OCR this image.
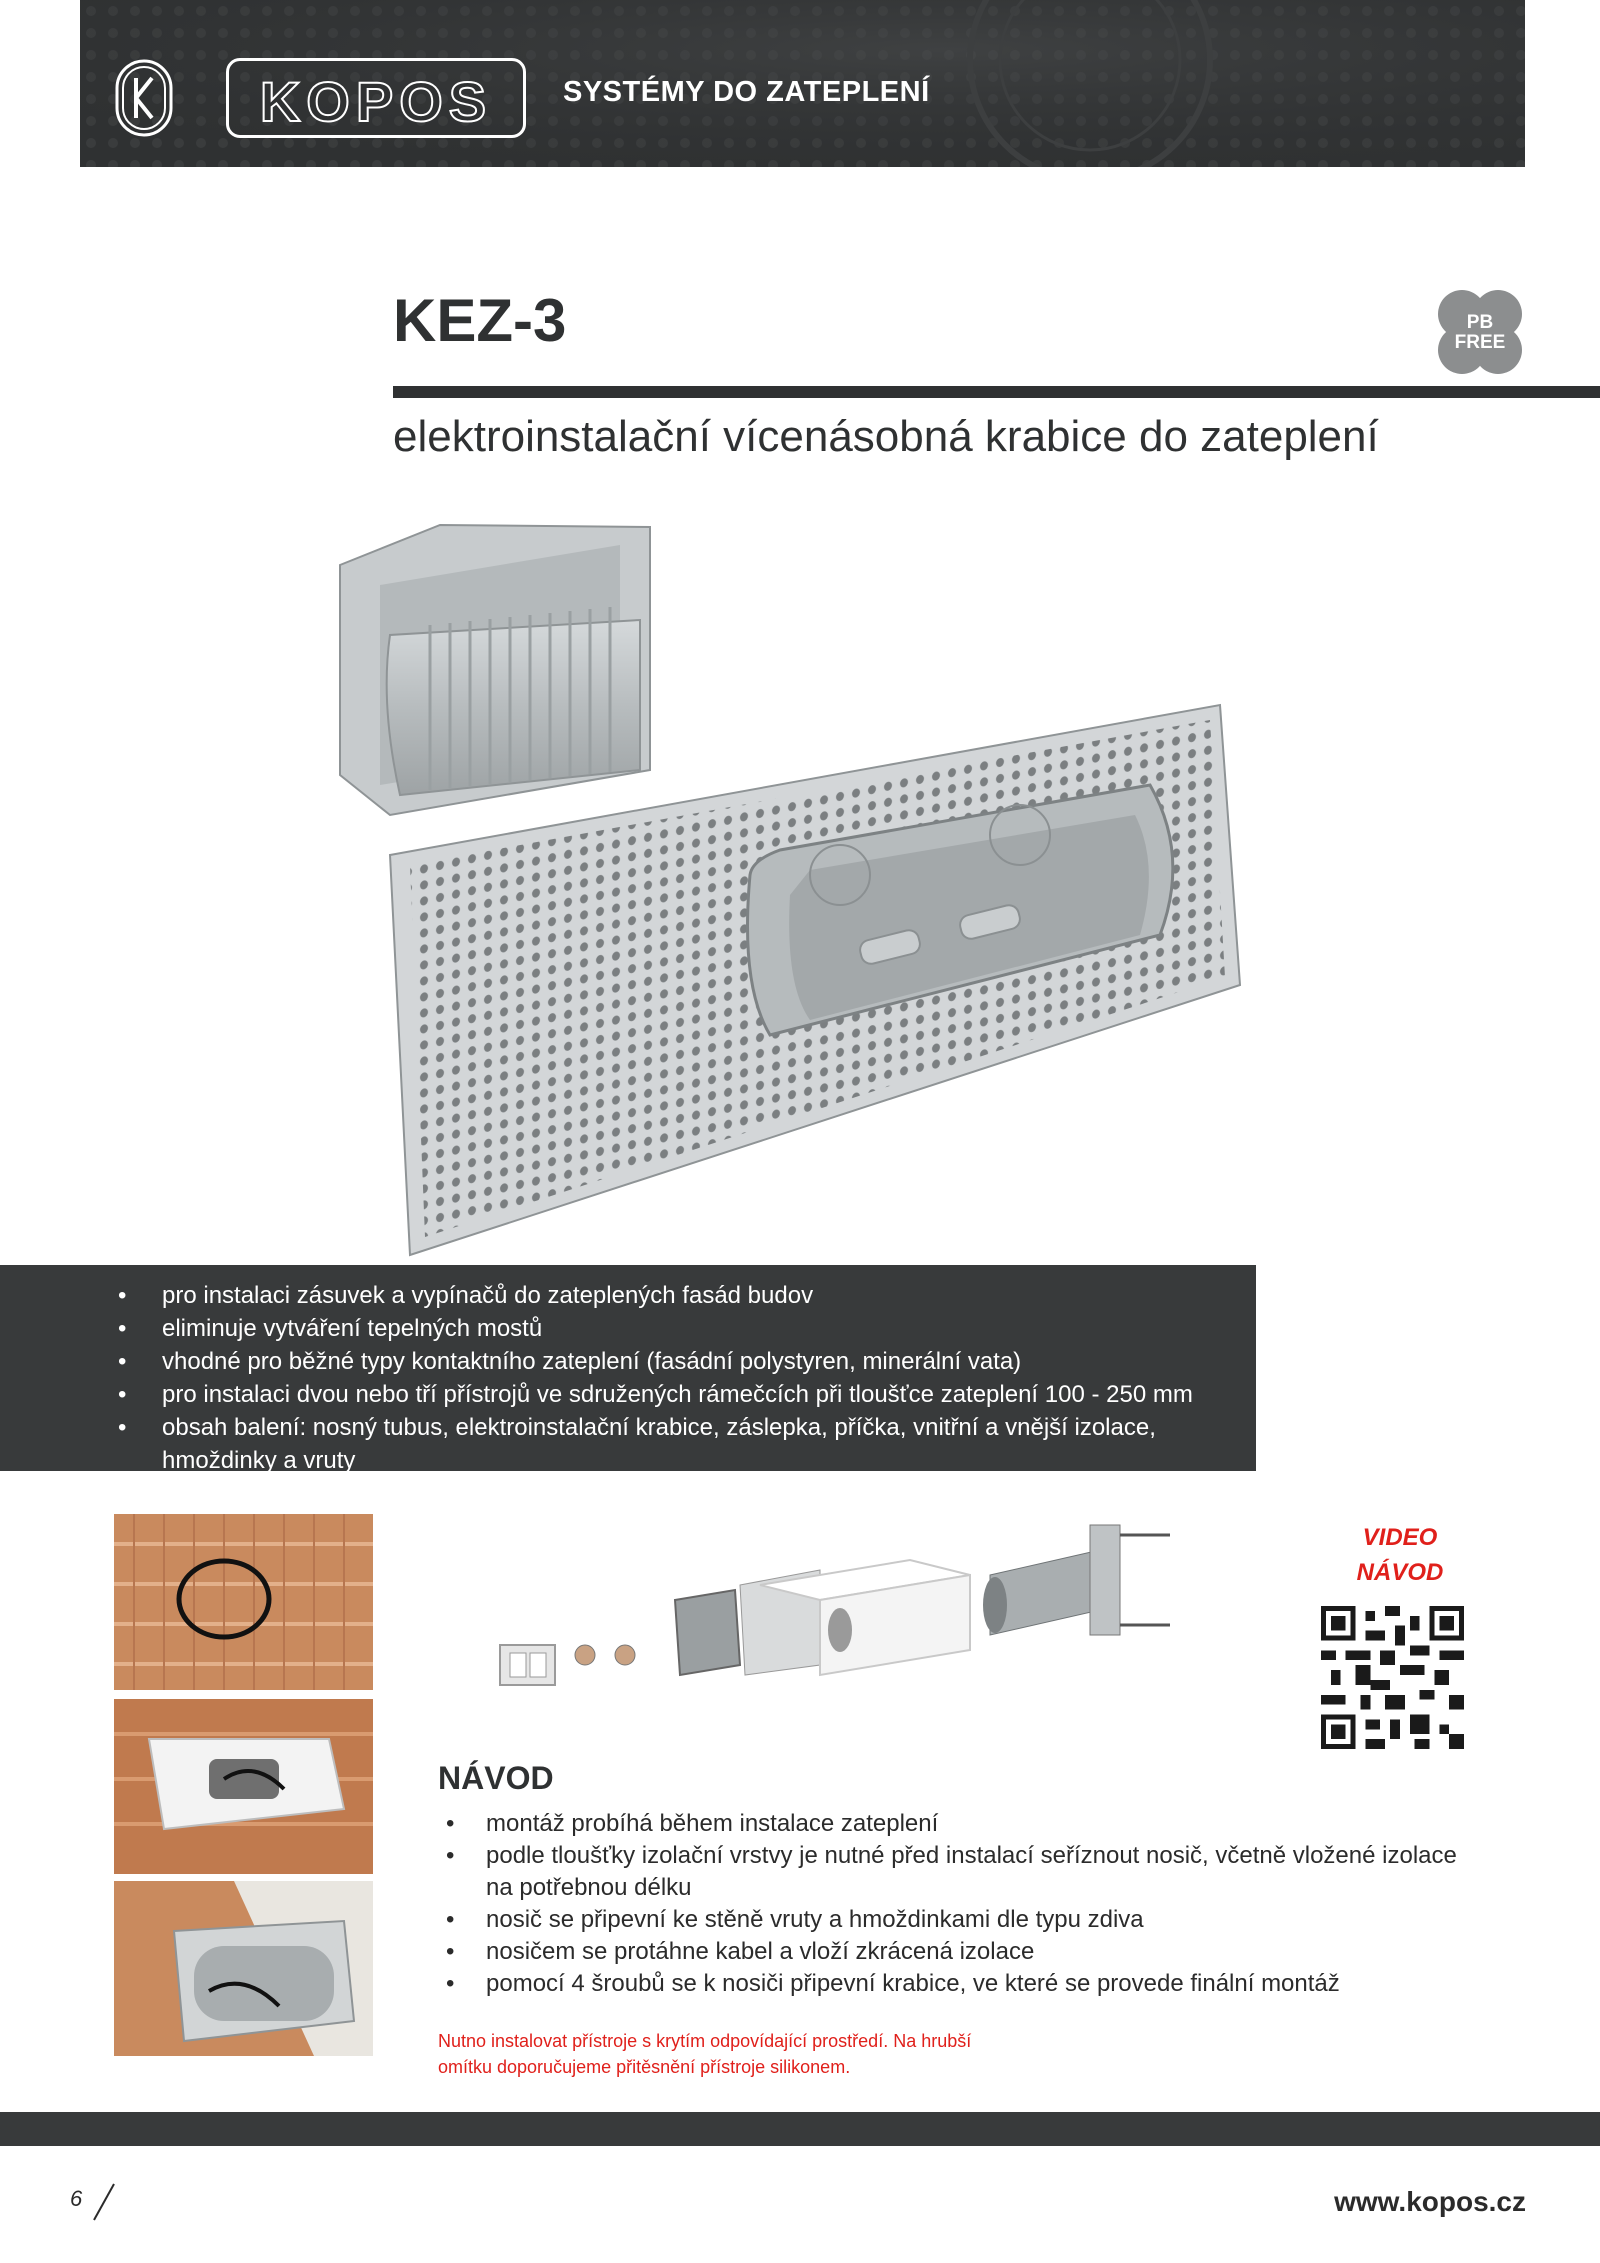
KOPOS	SYSTÉMY DO ZATEPLENÍ
KEZ-3	PB
FREE
elektroinstalační vícenásobná krabice do zateplení
• pro instalaci zásuvek a vypínačů do zateplených fasád budov
• eliminuje vytváření tepelných mostů
• vhodné pro běžné typy kontaktního zateplení (fasádní polystyren, minerální vata)
• pro instalaci dvou nebo tří přístrojů ve sdružených rámečcích při tloušťce zateplení 100 - 250 mm
• obsah balení: nosný tubus, elektroinstalační krabice, záslepka, příčka, vnitřní a vnější izolace,
hmoždinky a vruty
VIDEO
NÁVOD
NÁVOD
• montáž probíhá během instalace zateplení
• podle tloušťky izolační vrstvy je nutné před instalací seříznout nosič, včetně vložené izolace
na potřebnou délku
• nosič se připevní ke stěně vruty a hmoždinkami dle typu zdiva
• nosičem se protáhne kabel a vloží zkrácená izolace
• pomocí 4 šroubů se k nosiči připevní krabice, ve které se provede finální montáž
Nutno instalovat přístroje s krytím odpovídající prostředí. Na hrubší
omítku doporučujeme přitěsnění přístroje silikonem.
6	www.kopos.cz
